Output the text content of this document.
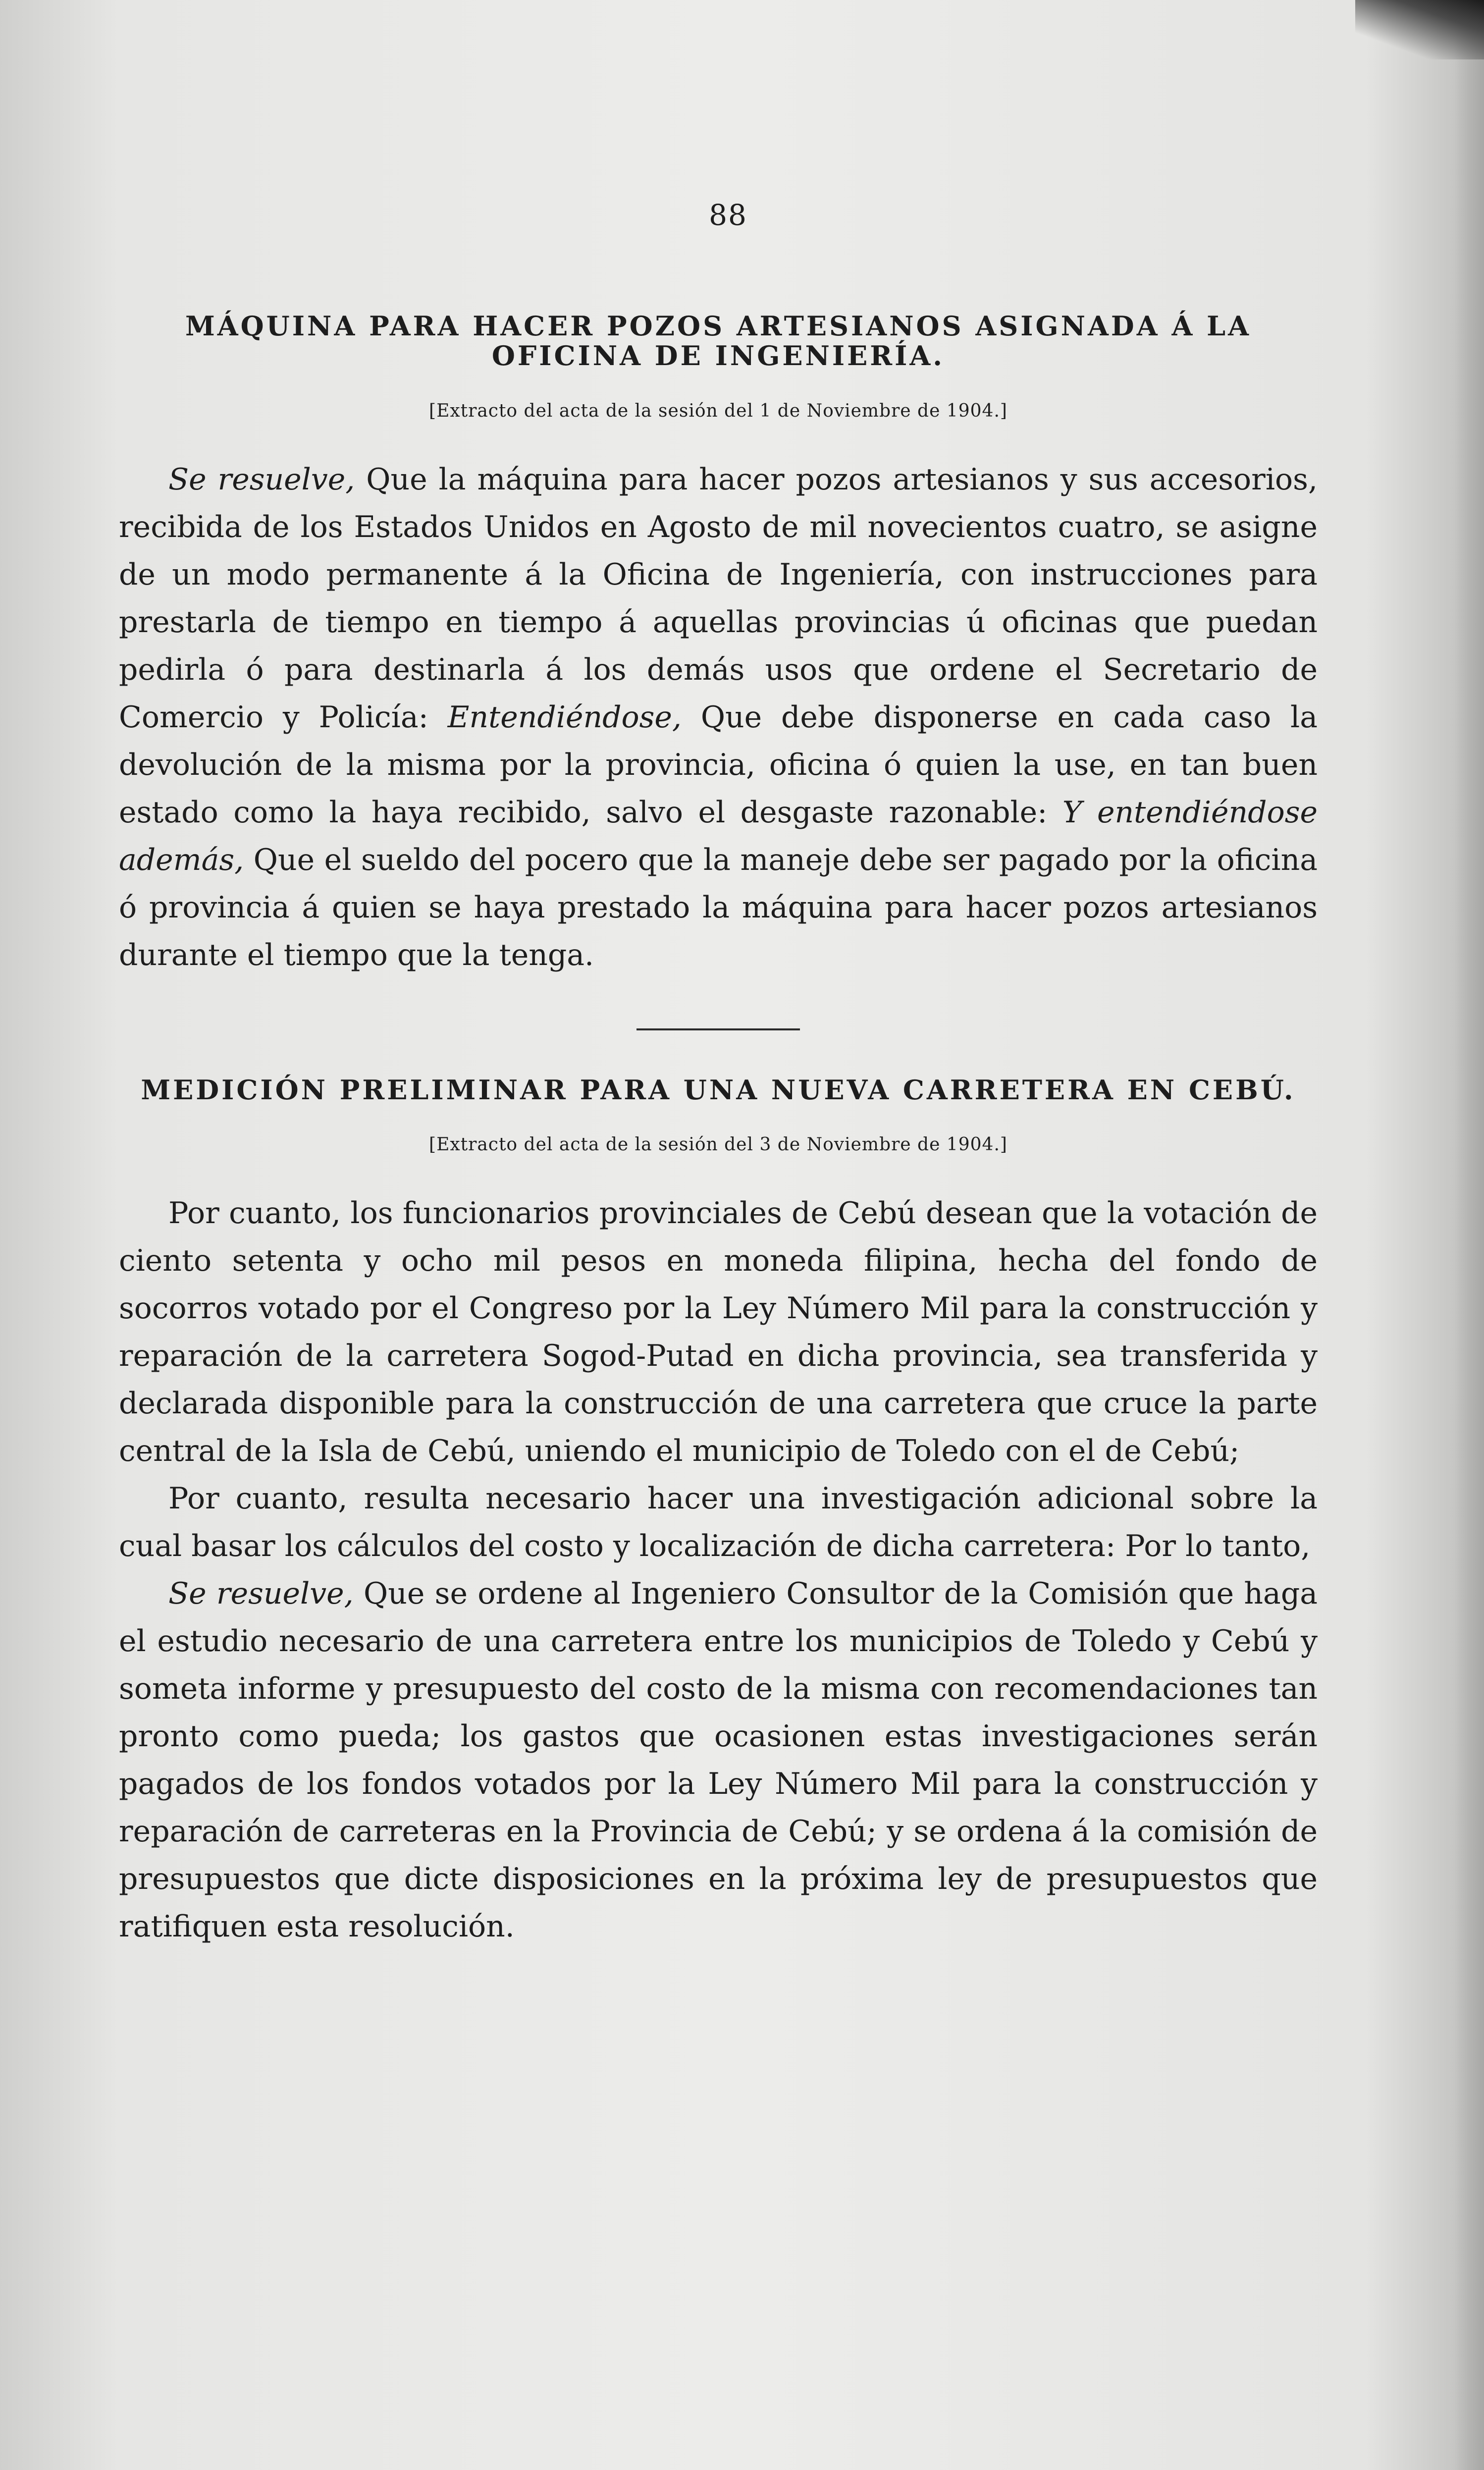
88
MÁQUINA PARA HACER POZOS ARTESIANOS ASIGNADA Á LA
OFICINA DE INGENIERÍA.
[Extracto del acta de la sesión del 1 de Noviembre de 1904.]

Se resuelve, Que la máquina para hacer pozos artesianos y sus accesorios, recibida de los Estados Unidos en Agosto de mil novecientos cuatro, se asigne de un modo permanente á la Oficina de Ingeniería, con instrucciones para prestarla de tiempo en tiempo á aquellas provincias ú oficinas que puedan pedirla ó para destinarla á los demás usos que ordene el Secretario de Comercio y Policía: Entendiéndose, Que debe disponerse en cada caso la devolución de la misma por la provincia, oficina ó quien la use, en tan buen estado como la haya recibido, salvo el desgaste razonable: Y entendiéndose además, Que el sueldo del pocero que la maneje debe ser pagado por la oficina ó provincia á quien se haya prestado la máquina para hacer pozos artesianos durante el tiempo que la tenga.

MEDICIÓN PRELIMINAR PARA UNA NUEVA CARRETERA EN CEBÚ.
[Extracto del acta de la sesión del 3 de Noviembre de 1904.]

Por cuanto, los funcionarios provinciales de Cebú desean que la votación de ciento setenta y ocho mil pesos en moneda filipina, hecha del fondo de socorros votado por el Congreso por la Ley Número Mil para la construcción y reparación de la carretera Sogod-Putad en dicha provincia, sea transferida y declarada disponible para la construcción de una carretera que cruce la parte central de la Isla de Cebú, uniendo el municipio de Toledo con el de Cebú;

Por cuanto, resulta necesario hacer una investigación adicional sobre la cual basar los cálculos del costo y localización de dicha carretera: Por lo tanto,

Se resuelve, Que se ordene al Ingeniero Consultor de la Comisión que haga el estudio necesario de una carretera entre los municipios de Toledo y Cebú y someta informe y presupuesto del costo de la misma con recomendaciones tan pronto como pueda; los gastos que ocasionen estas investigaciones serán pagados de los fondos votados por la Ley Número Mil para la construcción y reparación de carreteras en la Provincia de Cebú; y se ordena á la comisión de presupuestos que dicte disposiciones en la próxima ley de presupuestos que ratifiquen esta resolución.
